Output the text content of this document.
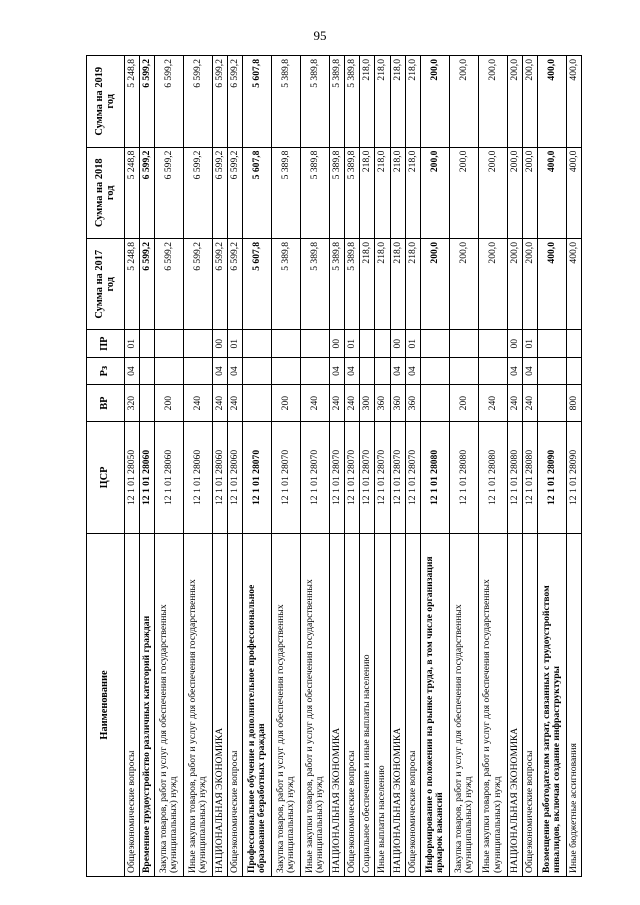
95
Наименование	ЦСР	ВР	Рз	ПР	Сумма на 2017 год	Сумма на 2018 год	Сумма на 2019 год
Общеэкономические вопросы	12 1 01 28050	320	04	01	5 248,8	5 248,8	5 248,8
Временное трудоустройство различных категорий граждан	12 1 01 28060				6 599,2	6 599,2	6 599,2
Закупка товаров, работ и услуг для обеспечения государственных (муниципальных) нужд	12 1 01 28060	200			6 599,2	6 599,2	6 599,2
Иные закупки товаров, работ и услуг для обеспечения государственных (муниципальных) нужд	12 1 01 28060	240			6 599,2	6 599,2	6 599,2
НАЦИОНАЛЬНАЯ ЭКОНОМИКА	12 1 01 28060	240	04	00	6 599,2	6 599,2	6 599,2
Общеэкономические вопросы	12 1 01 28060	240	04	01	6 599,2	6 599,2	6 599,2
Профессиональное обучение и дополнительное профессиональное образование безработных граждан	12 1 01 28070				5 607,8	5 607,8	5 607,8
Закупка товаров, работ и услуг для обеспечения государственных (муниципальных) нужд	12 1 01 28070	200			5 389,8	5 389,8	5 389,8
Иные закупки товаров, работ и услуг для обеспечения государственных (муниципальных) нужд	12 1 01 28070	240			5 389,8	5 389,8	5 389,8
НАЦИОНАЛЬНАЯ ЭКОНОМИКА	12 1 01 28070	240	04	00	5 389,8	5 389,8	5 389,8
Общеэкономические вопросы	12 1 01 28070	240	04	01	5 389,8	5 389,8	5 389,8
Социальное обеспечение и иные выплаты населению	12 1 01 28070	300			218,0	218,0	218,0
Иные выплаты населению	12 1 01 28070	360			218,0	218,0	218,0
НАЦИОНАЛЬНАЯ ЭКОНОМИКА	12 1 01 28070	360	04	00	218,0	218,0	218,0
Общеэкономические вопросы	12 1 01 28070	360	04	01	218,0	218,0	218,0
Информирование о положении на рынке труда, в том числе организация ярмарок вакансий	12 1 01 28080				200,0	200,0	200,0
Закупка товаров, работ и услуг для обеспечения государственных (муниципальных) нужд	12 1 01 28080	200			200,0	200,0	200,0
Иные закупки товаров, работ и услуг для обеспечения государственных (муниципальных) нужд	12 1 01 28080	240			200,0	200,0	200,0
НАЦИОНАЛЬНАЯ ЭКОНОМИКА	12 1 01 28080	240	04	00	200,0	200,0	200,0
Общеэкономические вопросы	12 1 01 28080	240	04	01	200,0	200,0	200,0
Возмещение работодателям затрат, связанных с трудоустройством инвалидов, включая создание инфраструктуры	12 1 01 28090				400,0	400,0	400,0
Иные бюджетные ассигнования	12 1 01 28090	800			400,0	400,0	400,0
